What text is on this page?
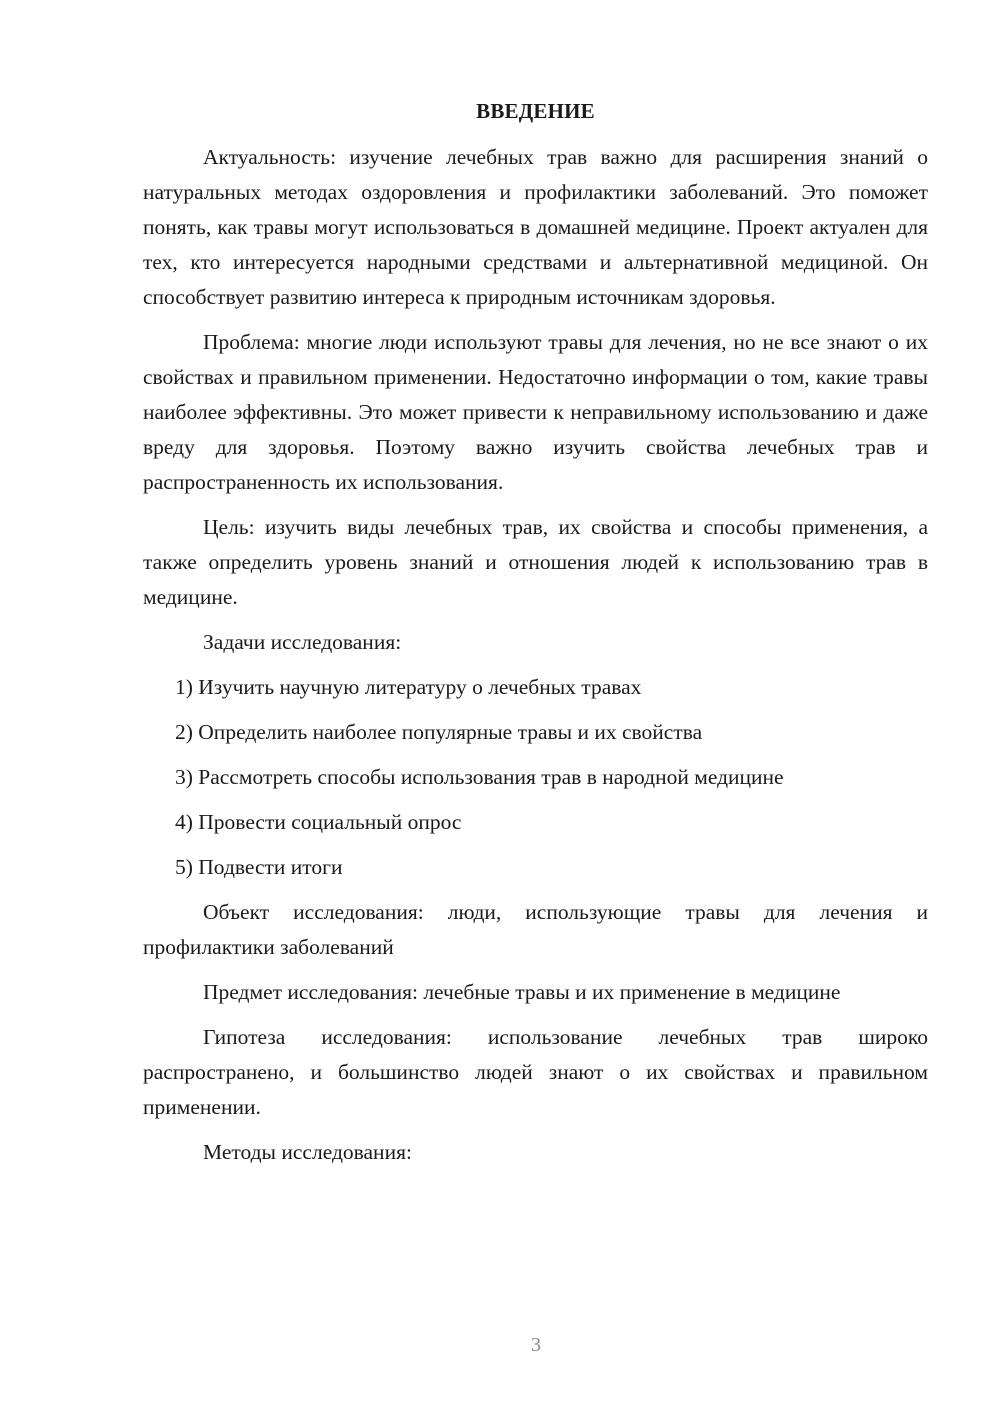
ВВЕДЕНИЕ

Актуальность: изучение лечебных трав важно для расширения знаний о натуральных методах оздоровления и профилактики заболеваний. Это поможет понять, как травы могут использоваться в домашней медицине. Проект актуален для тех, кто интересуется народными средствами и альтернативной медициной. Он способствует развитию интереса к природным источникам здоровья.

Проблема: многие люди используют травы для лечения, но не все знают о их свойствах и правильном применении. Недостаточно информации о том, какие травы наиболее эффективны. Это может привести к неправильному использованию и даже вреду для здоровья. Поэтому важно изучить свойства лечебных трав и распространенность их использования.

Цель: изучить виды лечебных трав, их свойства и способы применения, а также определить уровень знаний и отношения людей к использованию трав в медицине.

Задачи исследования:

1) Изучить научную литературу о лечебных травах
2) Определить наиболее популярные травы и их свойства
3) Рассмотреть способы использования трав в народной медицине
4) Провести социальный опрос
5) Подвести итоги

Объект исследования: люди, использующие травы для лечения и профилактики заболеваний

Предмет исследования: лечебные травы и их применение в медицине

Гипотеза исследования: использование лечебных трав широко распространено, и большинство людей знают о их свойствах и правильном применении.

Методы исследования:

3
